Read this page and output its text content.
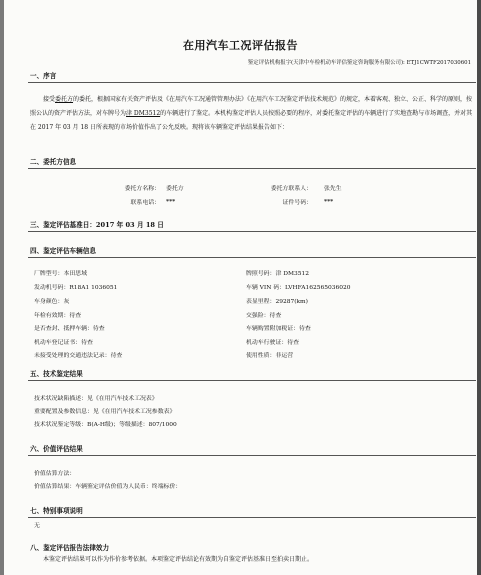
在用汽车工况评估报告
鉴定评估机构报字(天津中车检机动车评估鉴定咨询服务有限公司): ETJ1CWTF2017030601
一、序言
接受委托方的委托，根据国家有关资产评估及《在用汽车工况通管管理办法》《在用汽车工况鉴定评估技术规范》的规定，本着客观、独立、公正、科学的原则，按照公认的资产评估方法，对车牌号为津 DM3512的车辆进行了鉴定。本机构鉴定评估人员按照必要的程序，对委托鉴定评估的车辆进行了实地查勘与市场调查，并对其在 2017 年 03 月 18 日所表现的市场价值作出了公允反映。现将该车辆鉴定评估结果报告如下：
二、委托方信息
委托方名称： 委托方	委托方联系人： 张先生
联系电话： ***	证件号码： ***
三、鉴定评估基准日：2017 年 03 月 18 日
四、鉴定评估车辆信息
厂牌型号：本田思域
发动机号码：R18A1 1036051
车身颜色：灰
年检有效期：待查
是否查封、抵押车辆：待查
机动车登记证书：待查
未接受处理的交通违法记录：待查
牌照号码：津 DM3512
车辆 VIN 码：LVHFA162565036020
表显里程：29287(km)
交强险：待查
车辆购置附加税证：待查
机动车行驶证：待查
使用性质：非运营
五、技术鉴定结果
技术状况缺陷描述：见《在用汽车技术工况表》
重要配置及参数信息：见《在用汽车技术工况参数表》
技术状况鉴定等级：B(A-H级)；等级描述：807/1000
六、价值评估结果
价值估算方法：
价值估算结果：车辆鉴定评估价值为人民币：终端标价：
七、特别事项说明
无
八、鉴定评估报告法律效力
本鉴定评估结果可以作为作价参考依据。本项鉴定评估结论有效期为自鉴定评估基准日至拍卖日期止。
